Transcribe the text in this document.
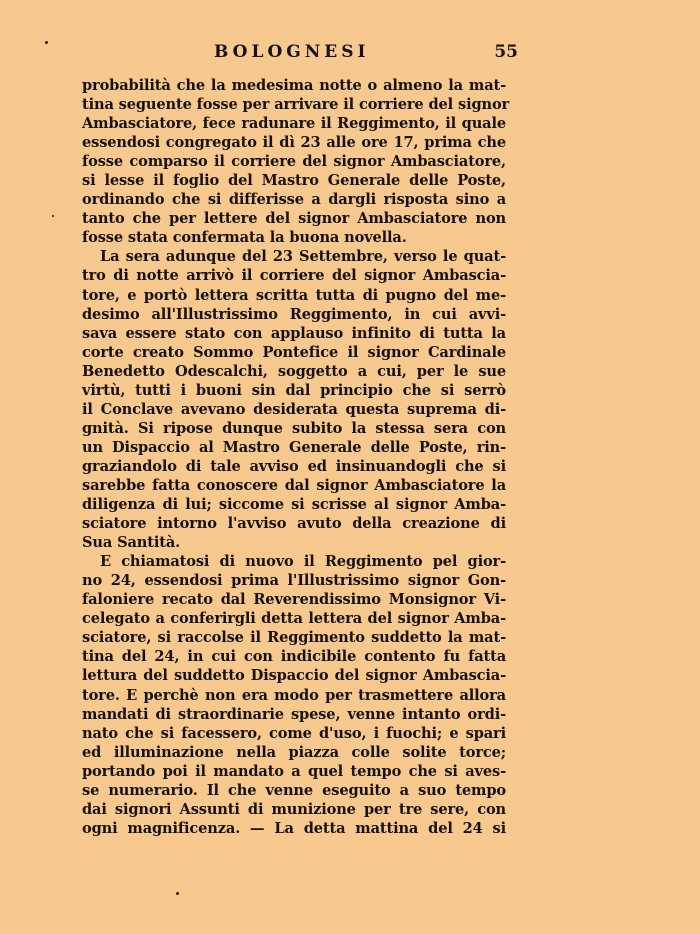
BOLOGNESI	55
probabilità che la medesima notte o almeno la mat-
tina seguente fosse per arrivare il corriere del signor
Ambasciatore, fece radunare il Reggimento, il quale
essendosi congregato il dì 23 alle ore 17, prima che
fosse comparso il corriere del signor Ambasciatore,
si lesse il foglio del Mastro Generale delle Poste,
ordinando che si differisse a dargli risposta sino a
tanto che per lettere del signor Ambasciatore non
fosse stata confermata la buona novella.
La sera adunque del 23 Settembre, verso le quat-
tro di notte arrivò il corriere del signor Ambascia-
tore, e portò lettera scritta tutta di pugno del me-
desimo all'Illustrissimo Reggimento, in cui avvi-
sava essere stato con applauso infinito di tutta la
corte creato Sommo Pontefice il signor Cardinale
Benedetto Odescalchi, soggetto a cui, per le sue
virtù, tutti i buoni sin dal principio che si serrò
il Conclave avevano desiderata questa suprema di-
gnità. Si ripose dunque subito la stessa sera con
un Dispaccio al Mastro Generale delle Poste, rin-
graziandolo di tale avviso ed insinuandogli che si
sarebbe fatta conoscere dal signor Ambasciatore la
diligenza di lui; siccome si scrisse al signor Amba-
sciatore intorno l'avviso avuto della creazione di
Sua Santità.
E chiamatosi di nuovo il Reggimento pel gior-
no 24, essendosi prima l'Illustrissimo signor Gon-
faloniere recato dal Reverendissimo Monsignor Vi-
celegato a conferirgli detta lettera del signor Amba-
sciatore, si raccolse il Reggimento suddetto la mat-
tina del 24, in cui con indicibile contento fu fatta
lettura del suddetto Dispaccio del signor Ambascia-
tore. E perchè non era modo per trasmettere allora
mandati di straordinarie spese, venne intanto ordi-
nato che si facessero, come d'uso, i fuochi; e spari
ed illuminazione nella piazza colle solite torce;
portando poi il mandato a quel tempo che si aves-
se numerario. Il che venne eseguito a suo tempo
dai signori Assunti di munizione per tre sere, con
ogni magnificenza. — La detta mattina del 24 si
